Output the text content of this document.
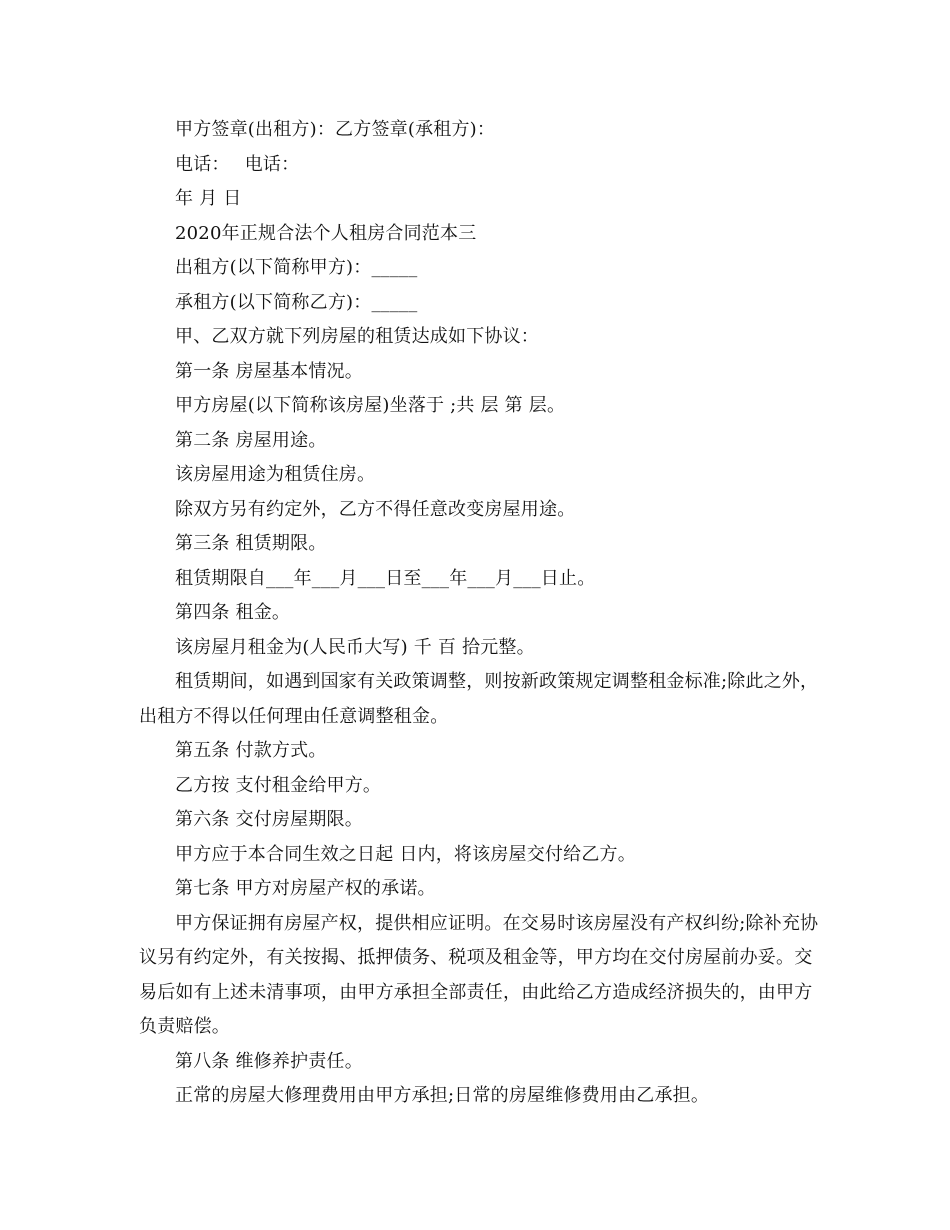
甲方签章(出租方)：乙方签章(承租方)：

电话：　 电话：

年 月 日

2020年正规合法个人租房合同范本三

出租方(以下简称甲方)：_____

承租方(以下简称乙方)：_____

甲、乙双方就下列房屋的租赁达成如下协议：

第一条 房屋基本情况。

甲方房屋(以下简称该房屋)坐落于 ;共 层 第 层。

第二条 房屋用途。

该房屋用途为租赁住房。

除双方另有约定外，乙方不得任意改变房屋用途。

第三条 租赁期限。

租赁期限自___年___月___日至___年___月___日止。

第四条 租金。

该房屋月租金为(人民币大写) 千 百 拾元整。

租赁期间，如遇到国家有关政策调整，则按新政策规定调整租金标准;除此之外，出租方不得以任何理由任意调整租金。

第五条 付款方式。

乙方按 支付租金给甲方。

第六条 交付房屋期限。

甲方应于本合同生效之日起 日内，将该房屋交付给乙方。

第七条 甲方对房屋产权的承诺。

甲方保证拥有房屋产权，提供相应证明。在交易时该房屋没有产权纠纷;除补充协议另有约定外，有关按揭、抵押债务、税项及租金等，甲方均在交付房屋前办妥。交易后如有上述未清事项，由甲方承担全部责任，由此给乙方造成经济损失的，由甲方负责赔偿。

第八条 维修养护责任。

正常的房屋大修理费用由甲方承担;日常的房屋维修费用由乙承担。
